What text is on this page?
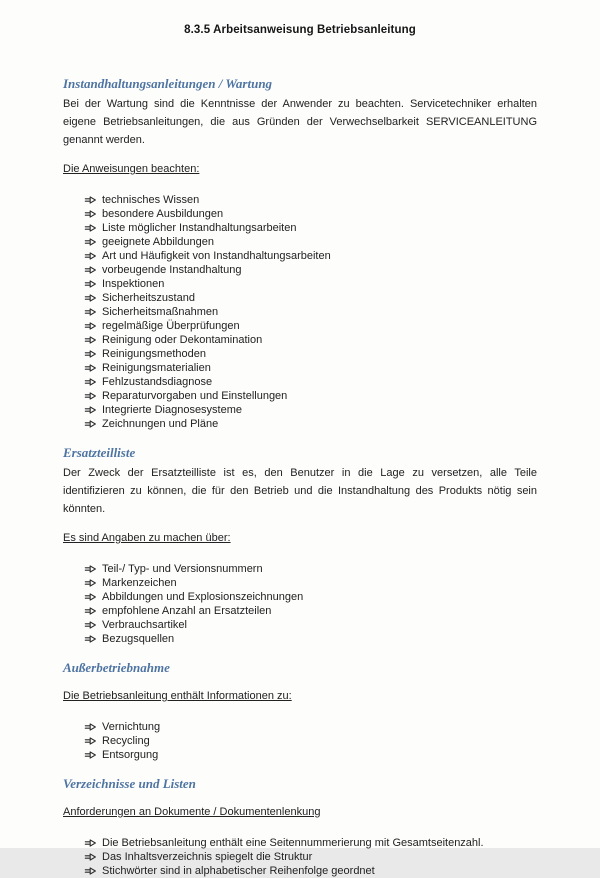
8.3.5 Arbeitsanweisung Betriebsanleitung
Instandhaltungsanleitungen / Wartung

Bei der Wartung sind die Kenntnisse der Anwender zu beachten. Servicetechniker erhalten eigene Betriebsanleitungen, die aus Gründen der Verwechselbarkeit SERVICEANLEITUNG genannt werden.

Die Anweisungen beachten:

technisches Wissen
besondere Ausbildungen
Liste möglicher Instandhaltungsarbeiten
geeignete Abbildungen
Art und Häufigkeit von Instandhaltungsarbeiten
vorbeugende Instandhaltung
Inspektionen
Sicherheitszustand
Sicherheitsmaßnahmen
regelmäßige Überprüfungen
Reinigung oder Dekontamination
Reinigungsmethoden
Reinigungsmaterialien
Fehlzustandsdiagnose
Reparaturvorgaben und Einstellungen
Integrierte Diagnosesysteme
Zeichnungen und Pläne
Ersatzteilliste

Der Zweck der Ersatzteilliste ist es, den Benutzer in die Lage zu versetzen, alle Teile identifizieren zu können, die für den Betrieb und die Instandhaltung des Produkts nötig sein könnten.

Es sind Angaben zu machen über:

Teil-/ Typ- und Versionsnummern
Markenzeichen
Abbildungen und Explosionszeichnungen
empfohlene Anzahl an Ersatzteilen
Verbrauchsartikel
Bezugsquellen
Außerbetriebnahme

Die Betriebsanleitung enthält Informationen zu:

Vernichtung
Recycling
Entsorgung
Verzeichnisse und Listen

Anforderungen an Dokumente / Dokumentenlenkung

Die Betriebsanleitung enthält eine Seitennummerierung mit Gesamtseitenzahl.
Das Inhaltsverzeichnis spiegelt die Struktur
Stichwörter sind in alphabetischer Reihenfolge geordnet
